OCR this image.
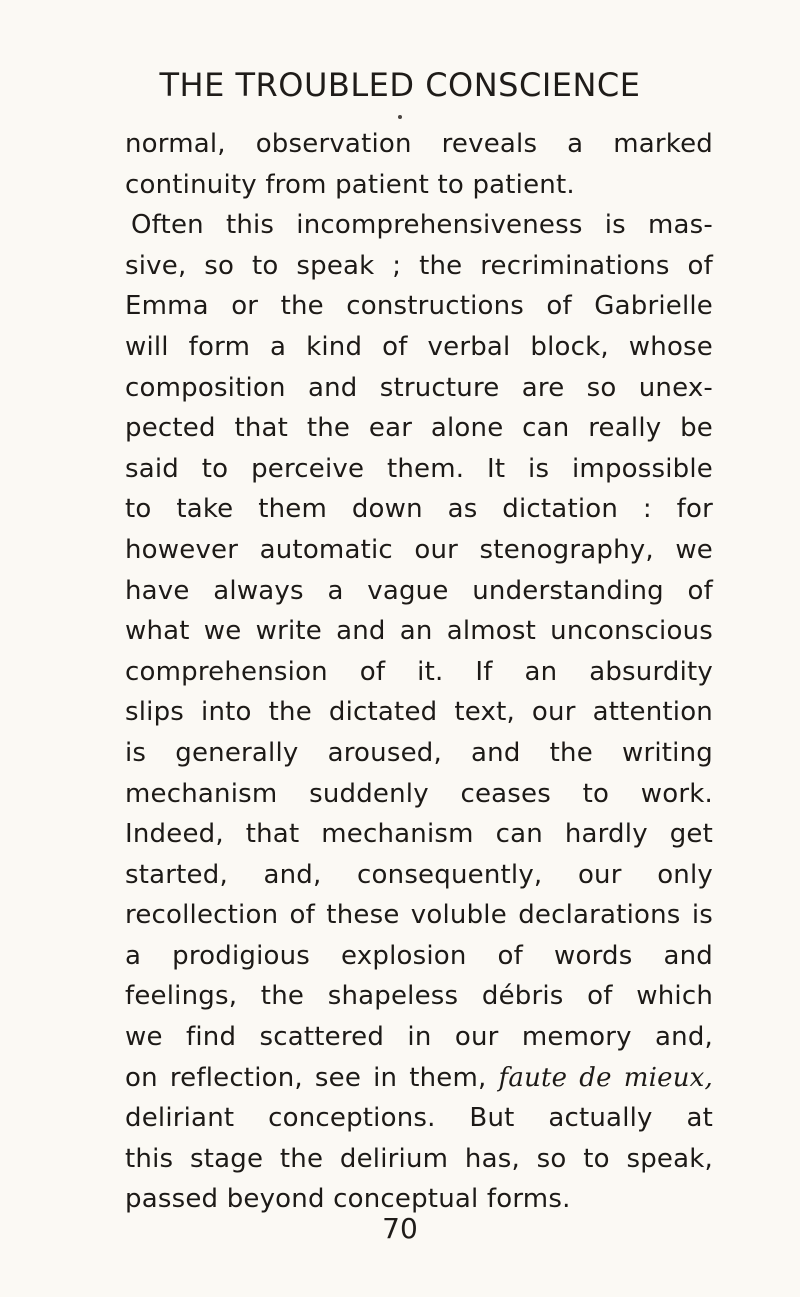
THE TROUBLED CONSCIENCE
normal, observation reveals a marked
continuity from patient to patient.
Often this incomprehensiveness is mas-
sive, so to speak ; the recriminations of
Emma or the constructions of Gabrielle
will form a kind of verbal block, whose
composition and structure are so unex-
pected that the ear alone can really be
said to perceive them. It is impossible
to take them down as dictation : for
however automatic our stenography, we
have always a vague understanding of
what we write and an almost unconscious
comprehension of it. If an absurdity
slips into the dictated text, our attention
is generally aroused, and the writing
mechanism suddenly ceases to work.
Indeed, that mechanism can hardly get
started, and, consequently, our only
recollection of these voluble declarations is
a prodigious explosion of words and
feelings, the shapeless débris of which
we find scattered in our memory and,
on reflection, see in them, faute de mieux,
deliriant conceptions. But actually at
this stage the delirium has, so to speak,
passed beyond conceptual forms.
70
